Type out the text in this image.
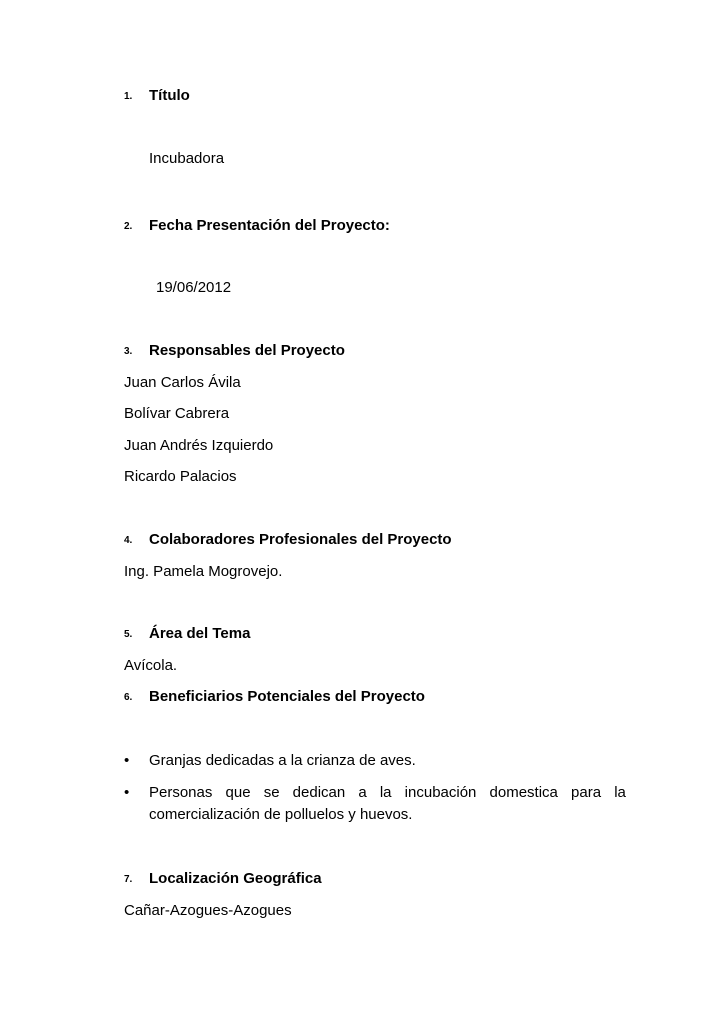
1. Título
Incubadora
2. Fecha Presentación del Proyecto:
19/06/2012
3. Responsables del Proyecto
Juan Carlos Ávila
Bolívar Cabrera
Juan Andrés Izquierdo
Ricardo Palacios
4. Colaboradores Profesionales del Proyecto
Ing. Pamela Mogrovejo.
5. Área del Tema
Avícola.
6. Beneficiarios Potenciales del Proyecto
• Granjas dedicadas a la crianza de aves.
• Personas que se dedican a la incubación domestica para la
comercialización de polluelos y huevos.
7. Localización Geográfica
Cañar-Azogues-Azogues
